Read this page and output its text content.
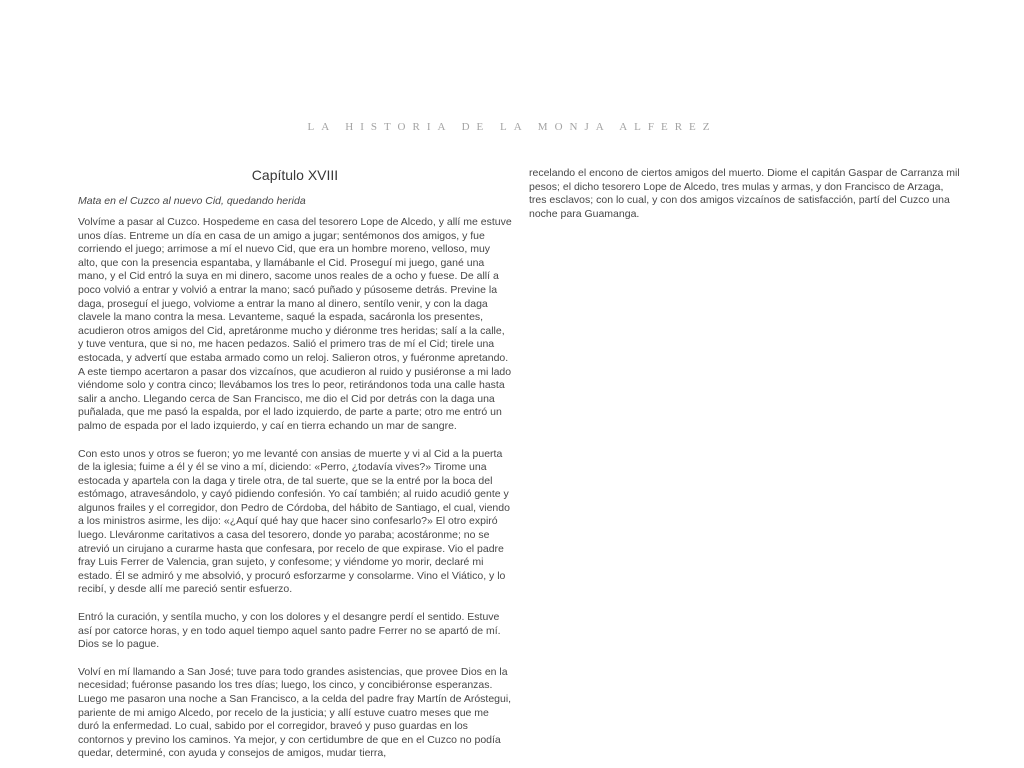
LA HISTORIA DE LA MONJA ALFEREZ
Capítulo XVIII
Mata en el Cuzco al nuevo Cid, quedando herida

Volvíme a pasar al Cuzco. Hospedeme en casa del tesorero Lope de Alcedo, y allí me estuve unos días. Entreme un día en casa de un amigo a jugar; sentémonos dos amigos, y fue corriendo el juego; arrimose a mí el nuevo Cid, que era un hombre moreno, velloso, muy alto, que con la presencia espantaba, y llamábanle el Cid. Proseguí mi juego, gané una mano, y el Cid entró la suya en mi dinero, sacome unos reales de a ocho y fuese. De allí a poco volvió a entrar y volvió a entrar la mano; sacó puñado y púsoseme detrás. Previne la daga, proseguí el juego, volviome a entrar la mano al dinero, sentílo venir, y con la daga clavele la mano contra la mesa. Levanteme, saqué la espada, sacáronla los presentes, acudieron otros amigos del Cid, apretáronme mucho y diéronme tres heridas; salí a la calle, y tuve ventura, que si no, me hacen pedazos. Salió el primero tras de mí el Cid; tirele una estocada, y advertí que estaba armado como un reloj. Salieron otros, y fuéronme apretando. A este tiempo acertaron a pasar dos vizcaínos, que acudieron al ruido y pusiéronse a mi lado viéndome solo y contra cinco; llevábamos los tres lo peor, retirándonos toda una calle hasta salir a ancho. Llegando cerca de San Francisco, me dio el Cid por detrás con la daga una puñalada, que me pasó la espalda, por el lado izquierdo, de parte a parte; otro me entró un palmo de espada por el lado izquierdo, y caí en tierra echando un mar de sangre.

Con esto unos y otros se fueron; yo me levanté con ansias de muerte y vi al Cid a la puerta de la iglesia; fuime a él y él se vino a mí, diciendo: «Perro, ¿todavía vives?» Tirome una estocada y apartela con la daga y tirele otra, de tal suerte, que se la entré por la boca del estómago, atravesándolo, y cayó pidiendo confesión. Yo caí también; al ruido acudió gente y algunos frailes y el corregidor, don Pedro de Córdoba, del hábito de Santiago, el cual, viendo a los ministros asirme, les dijo: «¿Aquí qué hay que hacer sino confesarlo?» El otro expiró luego. Lleváronme caritativos a casa del tesorero, donde yo paraba; acostáronme; no se atrevió un cirujano a curarme hasta que confesara, por recelo de que expirase. Vio el padre fray Luis Ferrer de Valencia, gran sujeto, y confesome; y viéndome yo morir, declaré mi estado. Él se admiró y me absolvió, y procuró esforzarme y consolarme. Vino el Viático, y lo recibí, y desde allí me pareció sentir esfuerzo.

Entró la curación, y sentíla mucho, y con los dolores y el desangre perdí el sentido. Estuve así por catorce horas, y en todo aquel tiempo aquel santo padre Ferrer no se apartó de mí. Dios se lo pague.

Volví en mí llamando a San José; tuve para todo grandes asistencias, que provee Dios en la necesidad; fuéronse pasando los tres días; luego, los cinco, y concibiéronse esperanzas. Luego me pasaron una noche a San Francisco, a la celda del padre fray Martín de Aróstegui, pariente de mi amigo Alcedo, por recelo de la justicia; y allí estuve cuatro meses que me duró la enfermedad. Lo cual, sabido por el corregidor, braveó y puso guardas en los contornos y previno los caminos. Ya mejor, y con certidumbre de que en el Cuzco no podía quedar, determiné, con ayuda y consejos de amigos, mudar tierra,

recelando el encono de ciertos amigos del muerto. Diome el capitán Gaspar de Carranza mil pesos; el dicho tesorero Lope de Alcedo, tres mulas y armas, y don Francisco de Arzaga, tres esclavos; con lo cual, y con dos amigos vizcaínos de satisfacción, partí del Cuzco una noche para Guamanga.
